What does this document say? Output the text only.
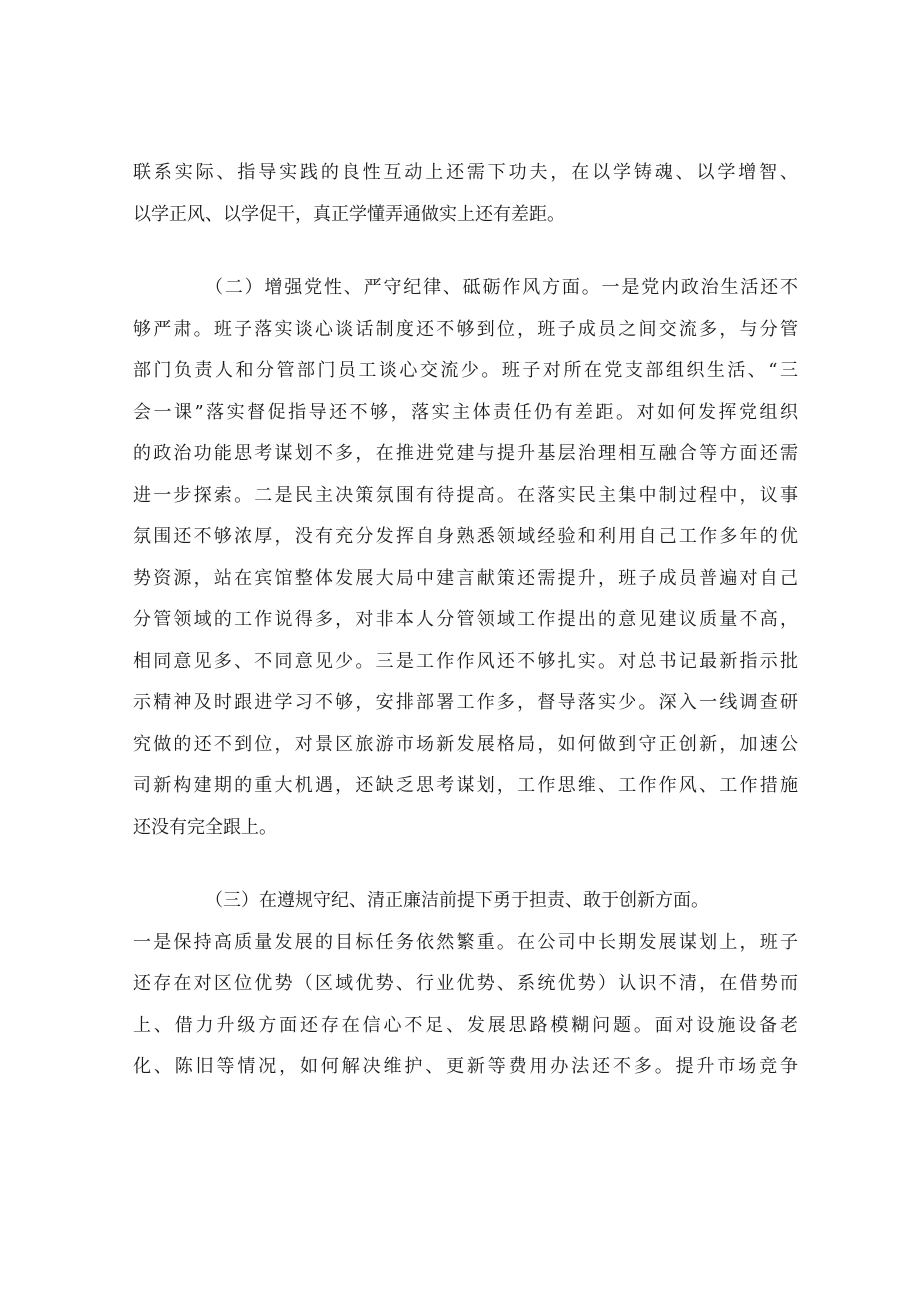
联系实际、指导实践的良性互动上还需下功夫，在以学铸魂、以学增智、
以学正风、以学促干，真正学懂弄通做实上还有差距。
（二）增强党性、严守纪律、砥砺作风方面。一是党内政治生活还不
够严肃。班子落实谈心谈话制度还不够到位，班子成员之间交流多，与分管
部门负责人和分管部门员工谈心交流少。班子对所在党支部组织生活、“三
会一课”落实督促指导还不够，落实主体责任仍有差距。对如何发挥党组织
的政治功能思考谋划不多，在推进党建与提升基层治理相互融合等方面还需
进一步探索。二是民主决策氛围有待提高。在落实民主集中制过程中，议事
氛围还不够浓厚，没有充分发挥自身熟悉领域经验和利用自己工作多年的优
势资源，站在宾馆整体发展大局中建言献策还需提升，班子成员普遍对自己
分管领域的工作说得多，对非本人分管领域工作提出的意见建议质量不高，
相同意见多、不同意见少。三是工作作风还不够扎实。对总书记最新指示批
示精神及时跟进学习不够，安排部署工作多，督导落实少。深入一线调查研
究做的还不到位，对景区旅游市场新发展格局，如何做到守正创新，加速公
司新构建期的重大机遇，还缺乏思考谋划，工作思维、工作作风、工作措施
还没有完全跟上。
（三）在遵规守纪、清正廉洁前提下勇于担责、敢于创新方面。
一是保持高质量发展的目标任务依然繁重。在公司中长期发展谋划上，班子
还存在对区位优势（区域优势、行业优势、系统优势）认识不清，在借势而
上、借力升级方面还存在信心不足、发展思路模糊问题。面对设施设备老
化、陈旧等情况，如何解决维护、更新等费用办法还不多。提升市场竞争
